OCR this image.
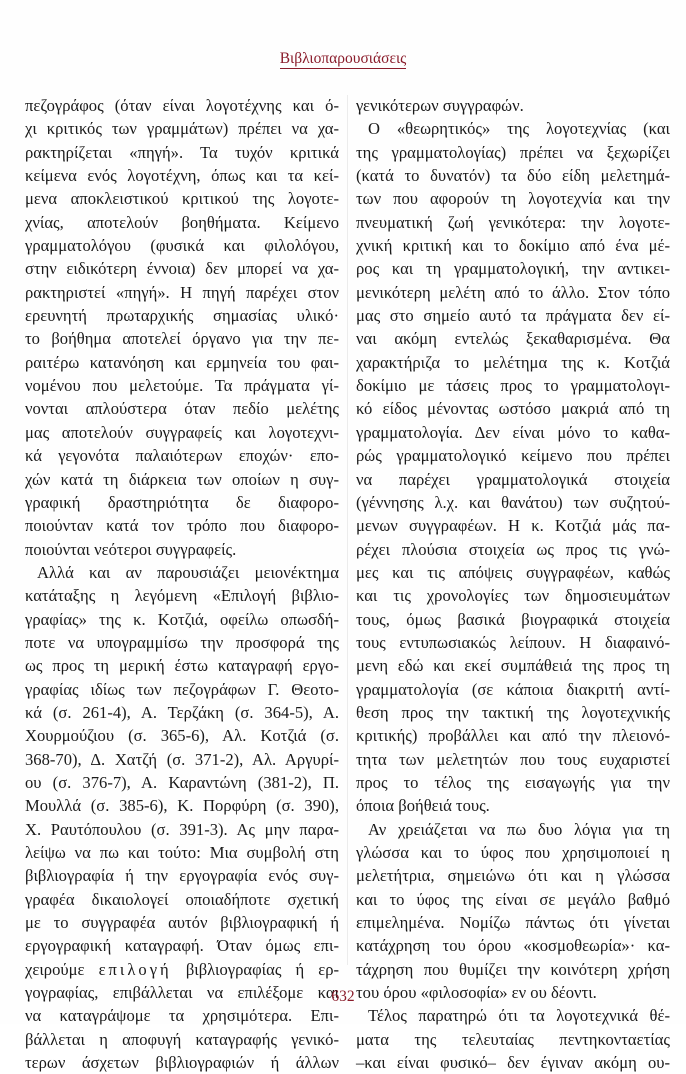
Βιβλιοπαρουσιάσεις
πεζογράφος (όταν είναι λογοτέχνης και ό-
χι κριτικός των γραμμάτων) πρέπει να χα-
ρακτηρίζεται «πηγή». Τα τυχόν κριτικά
κείμενα ενός λογοτέχνη, όπως και τα κεί-
μενα αποκλειστικού κριτικού της λογοτε-
χνίας, αποτελούν βοηθήματα. Κείμενο
γραμματολόγου (φυσικά και φιλολόγου,
στην ειδικότερη έννοια) δεν μπορεί να χα-
ρακτηριστεί «πηγή». Η πηγή παρέχει στον
ερευνητή πρωταρχικής σημασίας υλικό·
το βοήθημα αποτελεί όργανο για την πε-
ραιτέρω κατανόηση και ερμηνεία του φαι-
νομένου που μελετούμε. Τα πράγματα γί-
νονται απλούστερα όταν πεδίο μελέτης
μας αποτελούν συγγραφείς και λογοτεχνι-
κά γεγονότα παλαιότερων εποχών· επο-
χών κατά τη διάρκεια των οποίων η συγ-
γραφική δραστηριότητα δε διαφορο-
ποιούνταν κατά τον τρόπο που διαφορο-
ποιούνται νεότεροι συγγραφείς.
Αλλά και αν παρουσιάζει μειονέκτημα
κατάταξης η λεγόμενη «Επιλογή βιβλιο-
γραφίας» της κ. Κοτζιά, οφείλω οπωσδή-
ποτε να υπογραμμίσω την προσφορά της
ως προς τη μερική έστω καταγραφή εργο-
γραφίας ιδίως των πεζογράφων Γ. Θεοτο-
κά (σ. 261-4), Α. Τερζάκη (σ. 364-5), Α.
Χουρμούζιου (σ. 365-6), Αλ. Κοτζιά (σ.
368-70), Δ. Χατζή (σ. 371-2), Αλ. Αργυρί-
ου (σ. 376-7), Α. Καραντώνη (381-2), Π.
Μουλλά (σ. 385-6), Κ. Πορφύρη (σ. 390),
Χ. Ραυτόπουλου (σ. 391-3). Ας μην παρα-
λείψω να πω και τούτο: Μια συμβολή στη
βιβλιογραφία ή την εργογραφία ενός συγ-
γραφέα δικαιολογεί οποιαδήποτε σχετική
με το συγγραφέα αυτόν βιβλιογραφική ή
εργογραφική καταγραφή. Όταν όμως επι-
χειρούμε επιλογή βιβλιογραφίας ή ερ-
γογραφίας, επιβάλλεται να επιλέξομε και
να καταγράψομε τα χρησιμότερα. Επι-
βάλλεται η αποφυγή καταγραφής γενικό-
τερων άσχετων βιβλιογραφιών ή άλλων
γενικότερων συγγραφών.
Ο «θεωρητικός» της λογοτεχνίας (και
της γραμματολογίας) πρέπει να ξεχωρίζει
(κατά το δυνατόν) τα δύο είδη μελετημά-
των που αφορούν τη λογοτεχνία και την
πνευματική ζωή γενικότερα: την λογοτε-
χνική κριτική και το δοκίμιο από ένα μέ-
ρος και τη γραμματολογική, την αντικει-
μενικότερη μελέτη από το άλλο. Στον τόπο
μας στο σημείο αυτό τα πράγματα δεν εί-
ναι ακόμη εντελώς ξεκαθαρισμένα. Θα
χαρακτήριζα το μελέτημα της κ. Κοτζιά
δοκίμιο με τάσεις προς το γραμματολογι-
κό είδος μένοντας ωστόσο μακριά από τη
γραμματολογία. Δεν είναι μόνο το καθα-
ρώς γραμματολογικό κείμενο που πρέπει
να παρέχει γραμματολογικά στοιχεία
(γέννησης λ.χ. και θανάτου) των συζητού-
μενων συγγραφέων. Η κ. Κοτζιά μάς πα-
ρέχει πλούσια στοιχεία ως προς τις γνώ-
μες και τις απόψεις συγγραφέων, καθώς
και τις χρονολογίες των δημοσιευμάτων
τους, όμως βασικά βιογραφικά στοιχεία
τους εντυπωσιακώς λείπουν. Η διαφαινό-
μενη εδώ και εκεί συμπάθειά της προς τη
γραμματολογία (σε κάποια διακριτή αντί-
θεση προς την τακτική της λογοτεχνικής
κριτικής) προβάλλει και από την πλειονό-
τητα των μελετητών που τους ευχαριστεί
προς το τέλος της εισαγωγής για την
όποια βοήθειά τους.
Αν χρειάζεται να πω δυο λόγια για τη
γλώσσα και το ύφος που χρησιμοποιεί η
μελετήτρια, σημειώνω ότι και η γλώσσα
και το ύφος της είναι σε μεγάλο βαθμό
επιμελημένα. Νομίζω πάντως ότι γίνεται
κατάχρηση του όρου «κοσμοθεωρία»· κα-
τάχρηση που θυμίζει την κοινότερη χρήση
του όρου «φιλοσοφία» εν ου δέοντι.
Τέλος παρατηρώ ότι τα λογοτεχνικά θέ-
ματα της τελευταίας πεντηκονταετίας
–και είναι φυσικό– δεν έγιναν ακόμη ου-
632
